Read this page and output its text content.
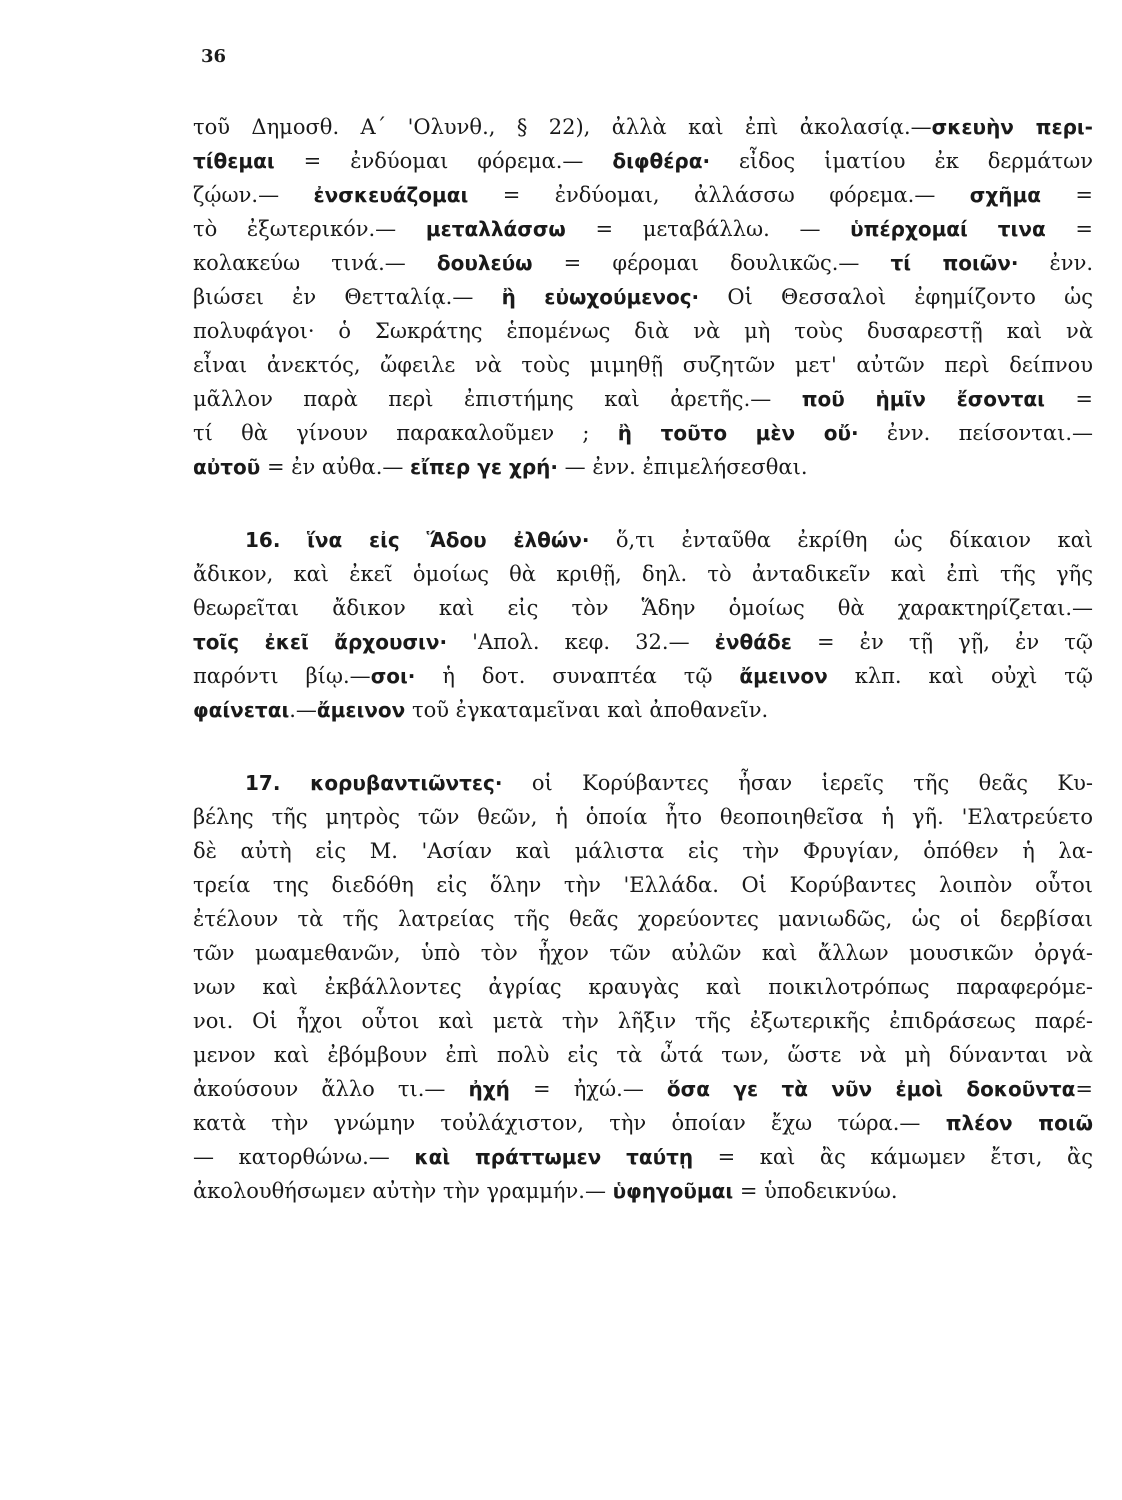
36
τοῦ Δημοσθ. Α΄ 'Ολυνθ., § 22), ἀλλὰ καὶ ἐπὶ ἀκολασίᾳ.—σκευὴν περι-
τίθεμαι = ἐνδύομαι φόρεμα.— διφθέρα· εἶδος ἱματίου ἐκ δερμάτων
ζῴων.— ἐνσκευάζομαι = ἐνδύομαι, ἀλλάσσω φόρεμα.— σχῆμα =
τὸ ἐξωτερικόν.— μεταλλάσσω = μεταβάλλω. — ὑπέρχομαί τινα =
κολακεύω τινά.— δουλεύω = φέρομαι δουλικῶς.— τί ποιῶν· ἐνν.
βιώσει ἐν Θετταλίᾳ.— ἢ εὐωχούμενος· Οἱ Θεσσαλοὶ ἐφημίζοντο ὡς
πολυφάγοι· ὁ Σωκράτης ἑπομένως διὰ νὰ μὴ τοὺς δυσαρεστῇ καὶ νὰ
εἶναι ἀνεκτός, ὤφειλε νὰ τοὺς μιμηθῇ συζητῶν μετ' αὐτῶν περὶ δείπνου
μᾶλλον παρὰ περὶ ἐπιστήμης καὶ ἀρετῆς.— ποῦ ἡμῖν ἔσονται =
τί θὰ γίνουν παρακαλοῦμεν ; ἢ τοῦτο μὲν οὔ· ἐνν. πείσονται.—
αὐτοῦ = ἐν αὐθα.— εἴπερ γε χρή· — ἐνν. ἐπιμελήσεσθαι.
16. ἵνα εἰς Ἅδου ἐλθών· ὅ,τι ἐνταῦθα ἐκρίθη ὡς δίκαιον καὶ
ἄδικον, καὶ ἐκεῖ ὁμοίως θὰ κριθῇ, δηλ. τὸ ἀνταδικεῖν καὶ ἐπὶ τῆς γῆς
θεωρεῖται ἄδικον καὶ εἰς τὸν Ἅδην ὁμοίως θὰ χαρακτηρίζεται.—
τοῖς ἐκεῖ ἄρχουσιν· 'Απολ. κεφ. 32.— ἐνθάδε = ἐν τῇ γῇ, ἐν τῷ
παρόντι βίῳ.—σοι· ἡ δοτ. συναπτέα τῷ ἄμεινον κλπ. καὶ οὐχὶ τῷ
φαίνεται.—ἄμεινον τοῦ ἐγκαταμεῖναι καὶ ἀποθανεῖν.
17. κορυβαντιῶντες· οἱ Κορύβαντες ἦσαν ἱερεῖς τῆς θεᾶς Κυ-
βέλης τῆς μητρὸς τῶν θεῶν, ἡ ὁποία ἦτο θεοποιηθεῖσα ἡ γῆ. 'Ελατρεύετο
δὲ αὐτὴ εἰς Μ. 'Ασίαν καὶ μάλιστα εἰς τὴν Φρυγίαν, ὁπόθεν ἡ λα-
τρεία της διεδόθη εἰς ὅλην τὴν 'Ελλάδα. Οἱ Κορύβαντες λοιπὸν οὗτοι
ἐτέλουν τὰ τῆς λατρείας τῆς θεᾶς χορεύοντες μανιωδῶς, ὡς οἱ δερβίσαι
τῶν μωαμεθανῶν, ὑπὸ τὸν ἦχον τῶν αὐλῶν καὶ ἄλλων μουσικῶν ὀργά-
νων καὶ ἐκβάλλοντες ἀγρίας κραυγὰς καὶ ποικιλοτρόπως παραφερόμε-
νοι. Οἱ ἦχοι οὗτοι καὶ μετὰ τὴν λῆξιν τῆς ἐξωτερικῆς ἐπιδράσεως παρέ-
μενον καὶ ἐβόμβουν ἐπὶ πολὺ εἰς τὰ ὦτά των, ὥστε νὰ μὴ δύνανται νὰ
ἀκούσουν ἄλλο τι.— ἠχή = ἠχώ.— ὅσα γε τὰ νῦν ἐμοὶ δοκοῦντα=
κατὰ τὴν γνώμην τοὐλάχιστον, τὴν ὁποίαν ἔχω τώρα.— πλέον ποιῶ
— κατορθώνω.— καὶ πράττωμεν ταύτῃ = καὶ ἂς κάμωμεν ἔτσι, ἂς
ἀκολουθήσωμεν αὐτὴν τὴν γραμμήν.— ὑφηγοῦμαι = ὑποδεικνύω.
